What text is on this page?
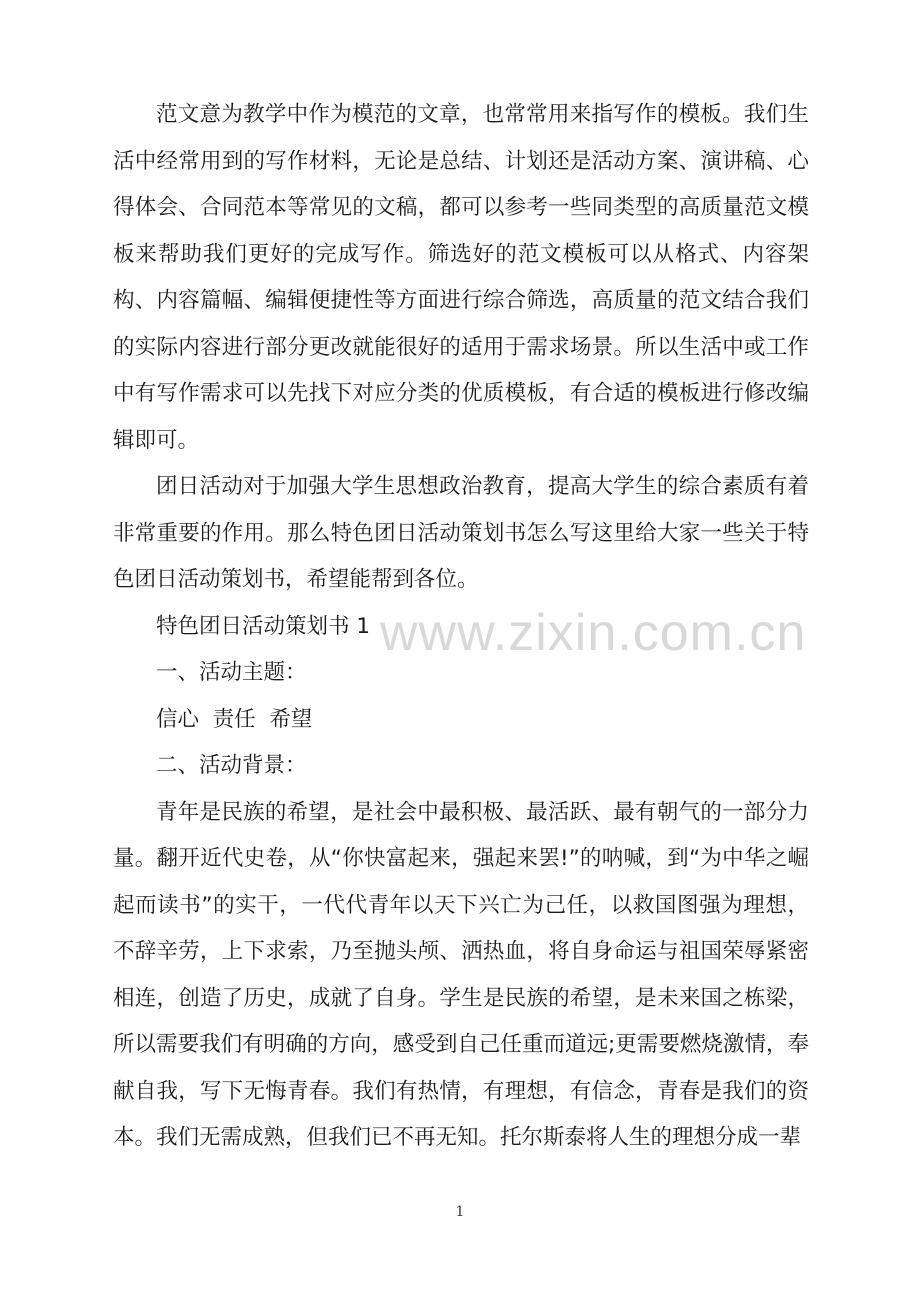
范文意为教学中作为模范的文章，也常常用来指写作的模板。我们生活中经常用到的写作材料，无论是总结、计划还是活动方案、演讲稿、心得体会、合同范本等常见的文稿，都可以参考一些同类型的高质量范文模板来帮助我们更好的完成写作。筛选好的范文模板可以从格式、内容架构、内容篇幅、编辑便捷性等方面进行综合筛选，高质量的范文结合我们的实际内容进行部分更改就能很好的适用于需求场景。所以生活中或工作中有写作需求可以先找下对应分类的优质模板，有合适的模板进行修改编辑即可。

团日活动对于加强大学生思想政治教育，提高大学生的综合素质有着非常重要的作用。那么特色团日活动策划书怎么写这里给大家一些关于特色团日活动策划书，希望能帮到各位。

特色团日活动策划书 1

一、活动主题：

信心  责任  希望

二、活动背景：

青年是民族的希望，是社会中最积极、最活跃、最有朝气的一部分力量。翻开近代史卷，从“你快富起来，强起来罢!”的呐喊，到“为中华之崛起而读书”的实干，一代代青年以天下兴亡为己任，以救国图强为理想，不辞辛劳，上下求索，乃至抛头颅、洒热血，将自身命运与祖国荣辱紧密相连，创造了历史，成就了自身。学生是民族的希望，是未来国之栋梁，所以需要我们有明确的方向，感受到自己任重而道远;更需要燃烧激情，奉献自我，写下无悔青春。我们有热情，有理想，有信念，青春是我们的资本。我们无需成熟，但我们已不再无知。托尔斯泰将人生的理想分成一辈

www.zixin.com.cn
1
